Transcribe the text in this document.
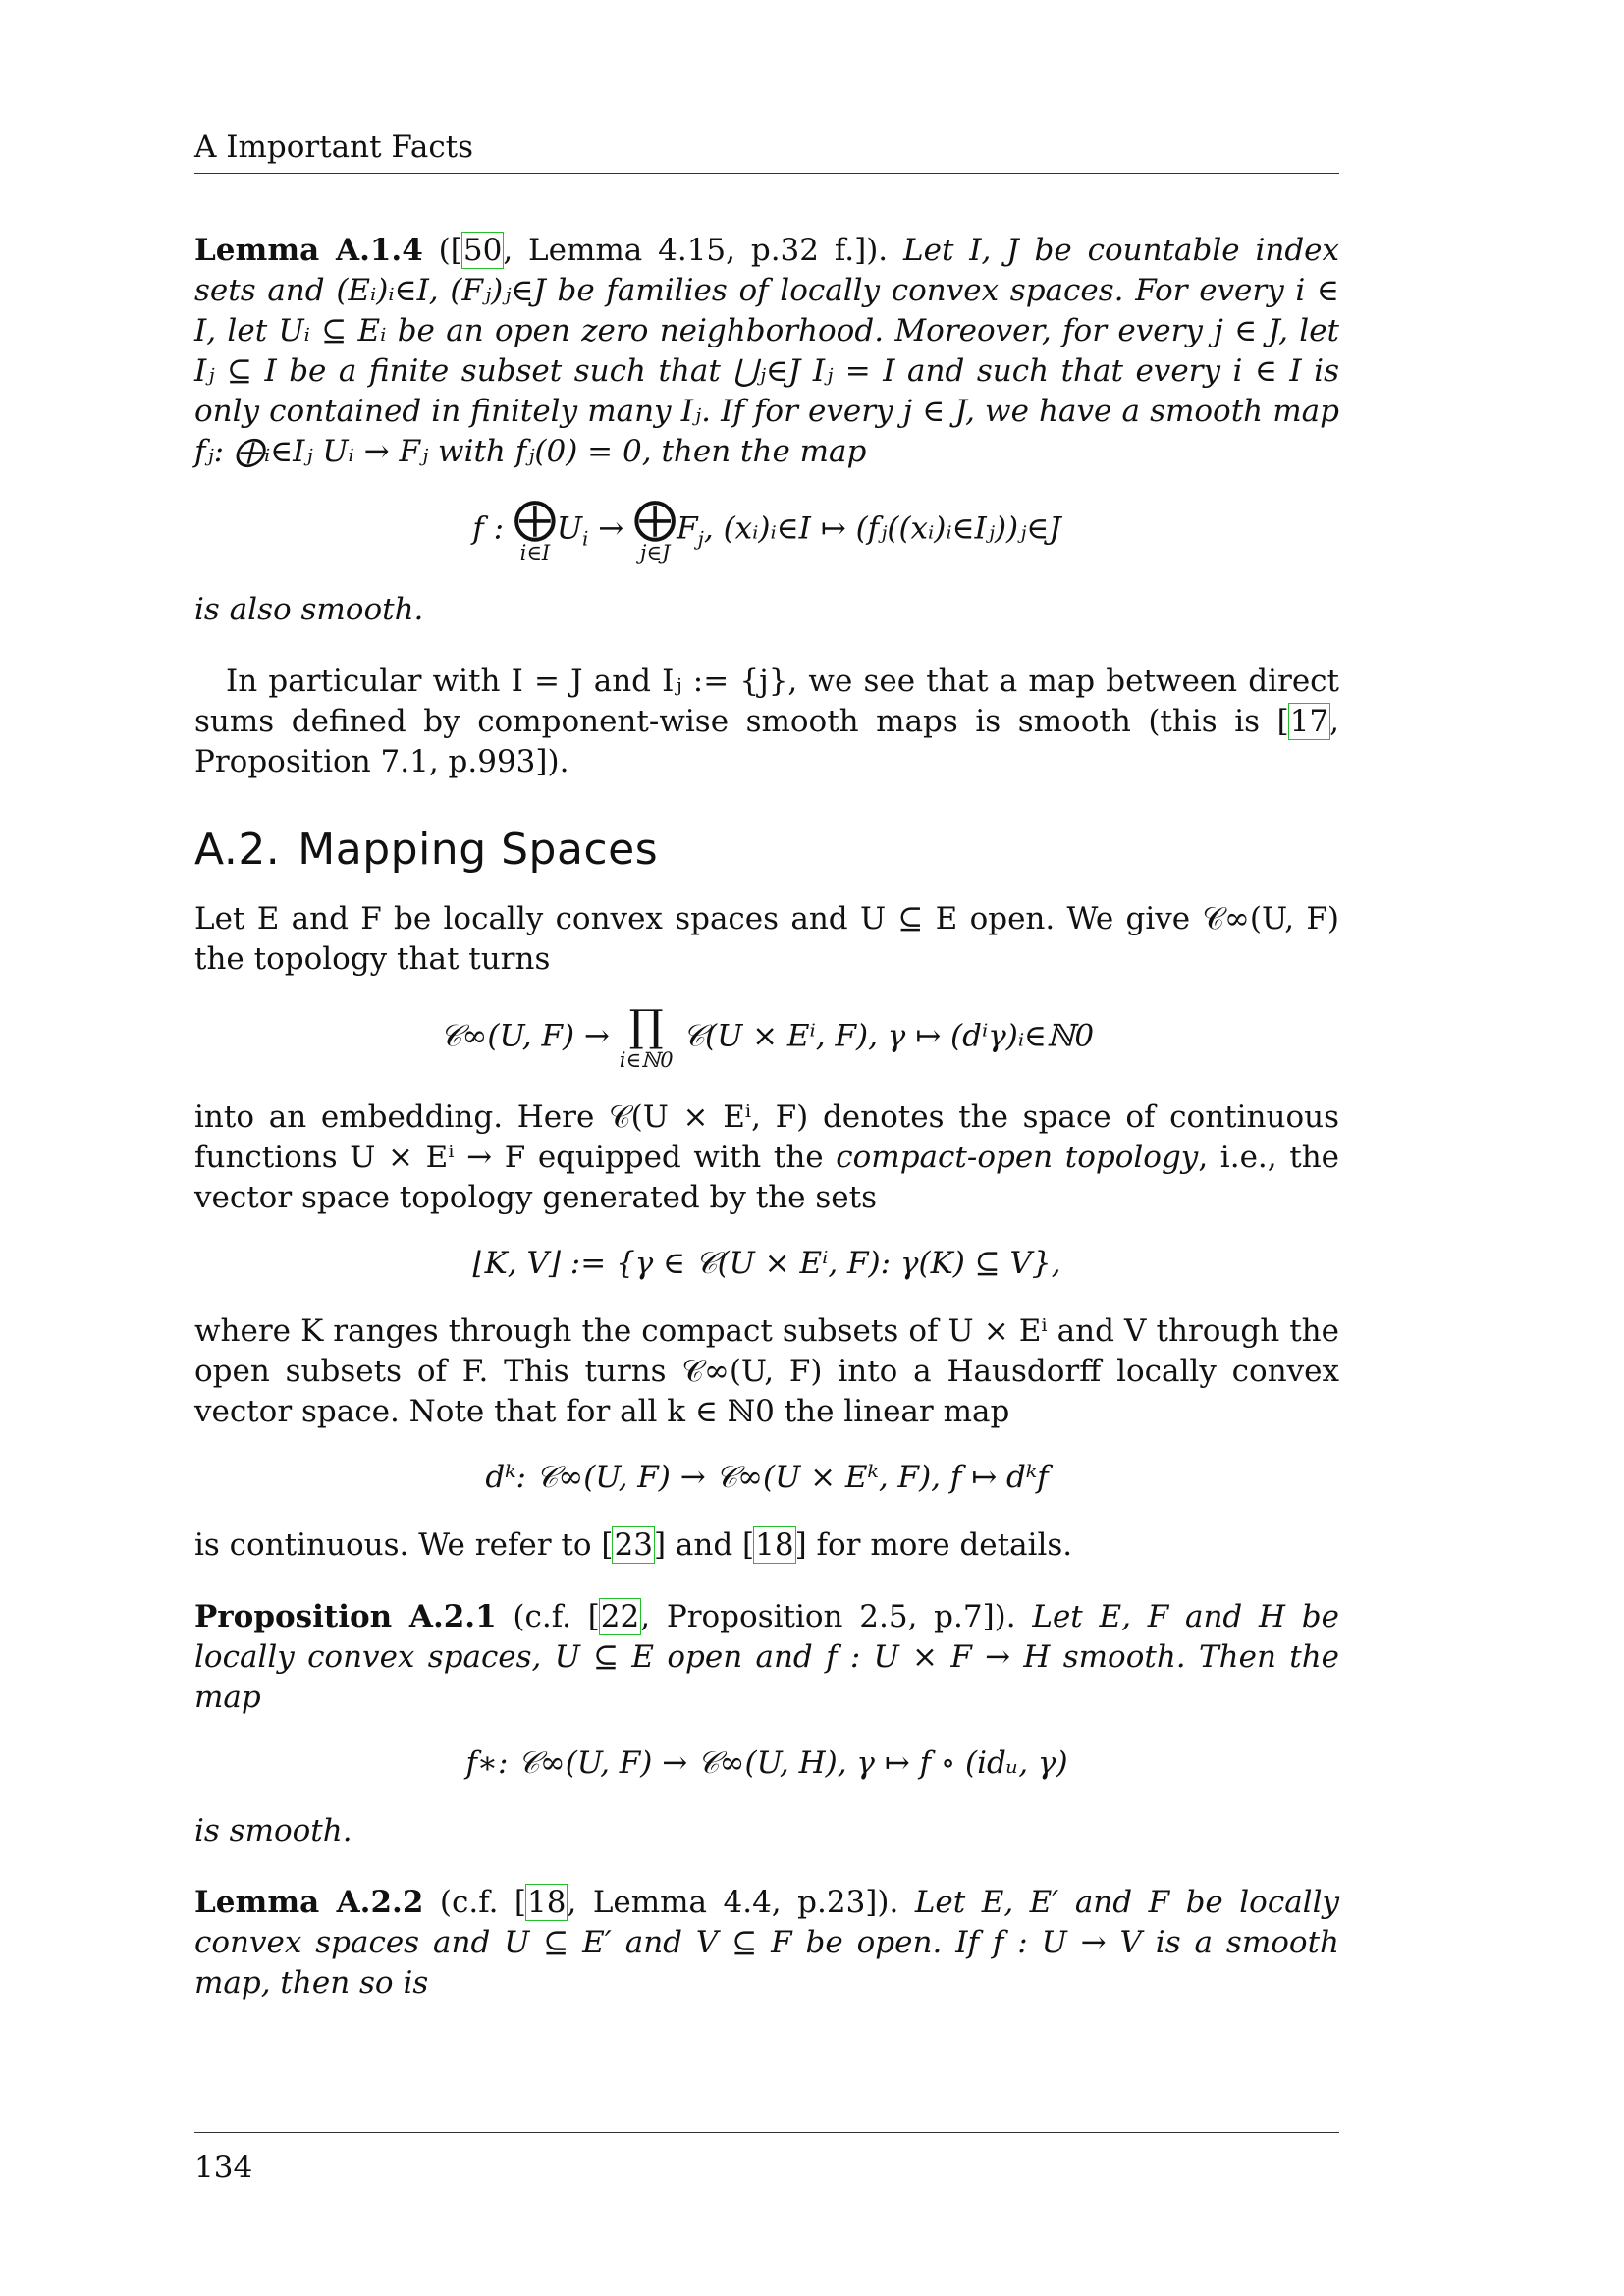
A Important Facts

Lemma A.1.4 ([50, Lemma 4.15, p.32 f.]). Let I, J be countable index sets and (Eᵢ)ᵢ∈I, (Fⱼ)ⱼ∈J be families of locally convex spaces. For every i ∈ I, let Uᵢ ⊆ Eᵢ be an open zero neighborhood. Moreover, for every j ∈ J, let Iⱼ ⊆ I be a finite subset such that ⋃ⱼ∈J Iⱼ = I and such that every i ∈ I is only contained in finitely many Iⱼ. If for every j ∈ J, we have a smooth map fⱼ: ⨁ᵢ∈Iⱼ Uᵢ → Fⱼ with fⱼ(0) = 0, then the map

f : ⨁
i∈I
$U_i$ → ⨁
j∈J
$F_j$, (xᵢ)ᵢ∈I ↦ (fⱼ((xᵢ)ᵢ∈Iⱼ))ⱼ∈J

is also smooth.

In particular with I = J and Iⱼ := {j}, we see that a map between direct sums defined by component-wise smooth maps is smooth (this is [17, Proposition 7.1, p.993]).

A.2. Mapping Spaces

Let E and F be locally convex spaces and U ⊆ E open. We give 𝒞∞(U, F) the topology that turns

𝒞∞(U, F) → ∏
i∈ℕ0
𝒞(U × Eⁱ, F), γ ↦ (dⁱγ)ᵢ∈ℕ0

into an embedding. Here 𝒞(U × Eⁱ, F) denotes the space of continuous functions U × Eⁱ → F equipped with the compact-open topology, i.e., the vector space topology generated by the sets

⌊K, V⌋ := {γ ∈ 𝒞(U × Eⁱ, F): γ(K) ⊆ V},

where K ranges through the compact subsets of U × Eⁱ and V through the open subsets of F. This turns 𝒞∞(U, F) into a Hausdorff locally convex vector space. Note that for all k ∈ ℕ0 the linear map

dᵏ: 𝒞∞(U, F) → 𝒞∞(U × Eᵏ, F), f ↦ dᵏf

is continuous. We refer to [23] and [18] for more details.

Proposition A.2.1 (c.f. [22, Proposition 2.5, p.7]). Let E, F and H be locally convex spaces, U ⊆ E open and f : U × F → H smooth. Then the map

f∗: 𝒞∞(U, F) → 𝒞∞(U, H), γ ↦ f ∘ (idᵤ, γ)

is smooth.

Lemma A.2.2 (c.f. [18, Lemma 4.4, p.23]). Let E, E′ and F be locally convex spaces and U ⊆ E′ and V ⊆ F be open. If f : U → V is a smooth map, then so is

134
